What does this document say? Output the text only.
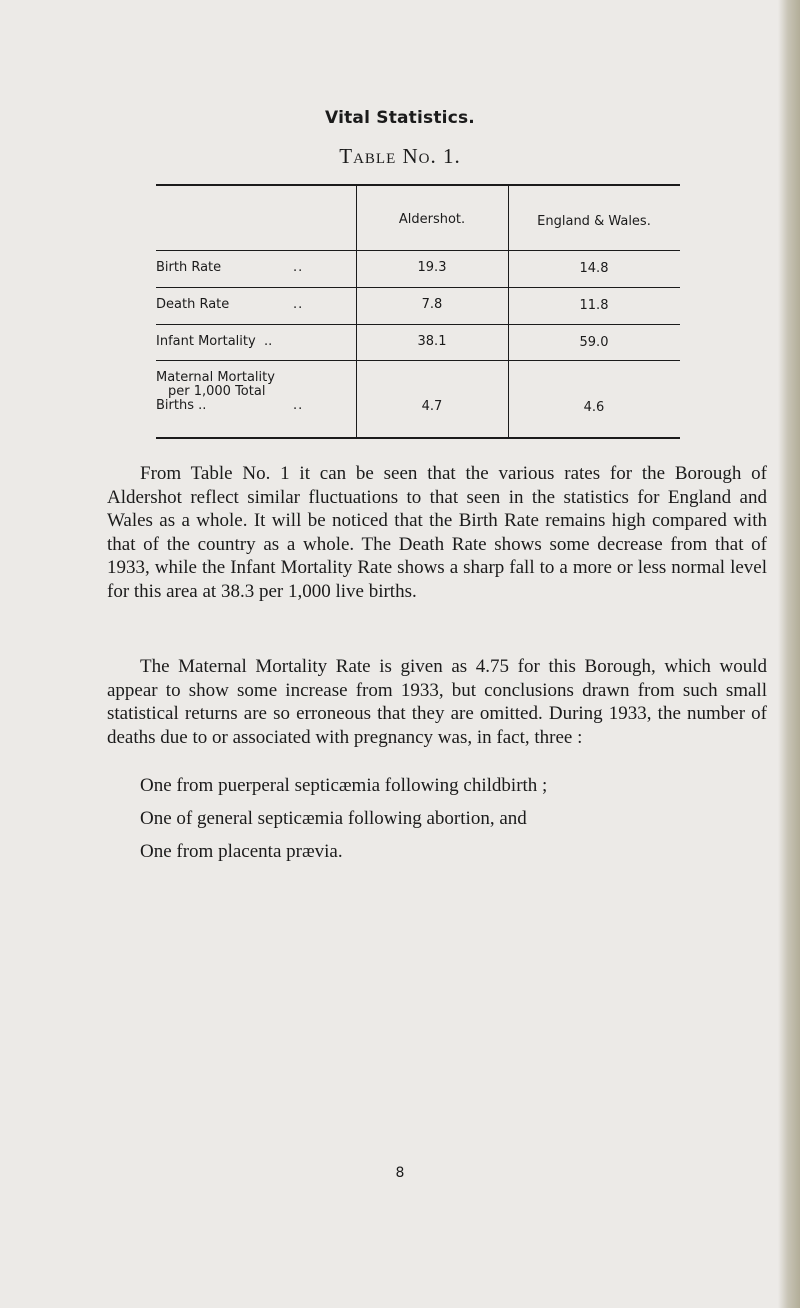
Vital Statistics.
Table No. 1.
Aldershot.	England & Wales.
Birth Rate	..	19.3	14.8
Death Rate	..	7.8	11.8
Infant Mortality  ..	38.1	59.0
Maternal Mortality
per 1,000 Total
Births ..	..	4.7	4.6

From Table No. 1 it can be seen that the various rates for the Borough of Aldershot reflect similar fluctuations to that seen in the statistics for England and Wales as a whole. It will be noticed that the Birth Rate remains high compared with that of the country as a whole. The Death Rate shows some decrease from that of 1933, while the Infant Mortality Rate shows a sharp fall to a more or less normal level for this area at 38.3 per 1,000 live births.

The Maternal Mortality Rate is given as 4.75 for this Borough, which would appear to show some increase from 1933, but conclusions drawn from such small statistical returns are so erroneous that they are omitted. During 1933, the number of deaths due to or associated with pregnancy was, in fact, three :

One from puerperal septicæmia following childbirth ;
One of general septicæmia following abortion, and
One from placenta prævia.
8
